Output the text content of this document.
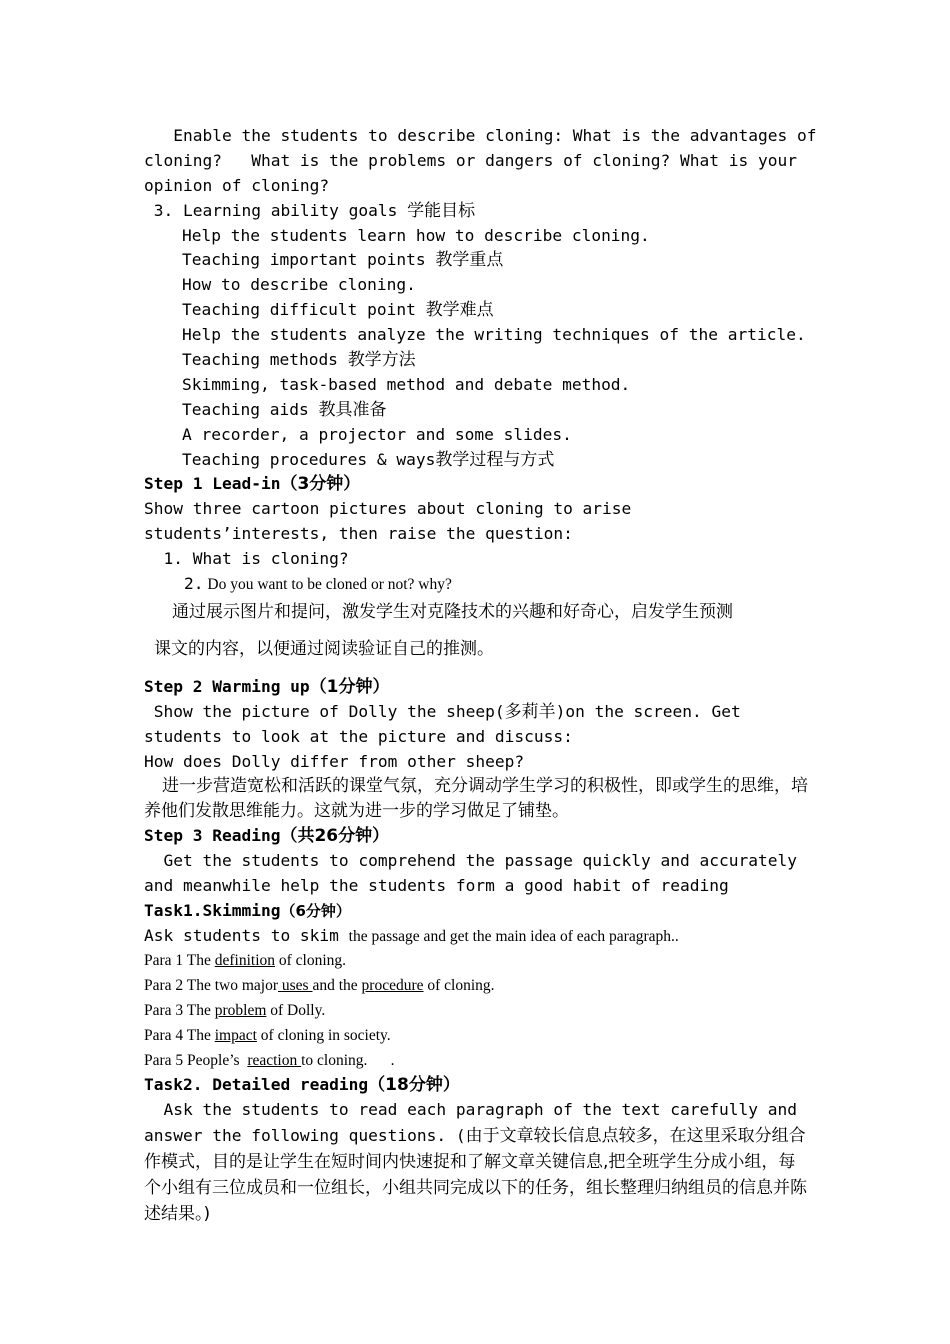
Enable the students to describe cloning: What is the advantages of
cloning?   What is the problems or dangers of cloning? What is your
opinion of cloning?
3. Learning ability goals 学能目标
Help the students learn how to describe cloning.
Teaching important points 教学重点
How to describe cloning.
Teaching difficult point 教学难点
Help the students analyze the writing techniques of the article.
Teaching methods 教学方法
Skimming, task-based method and debate method.
Teaching aids 教具准备
A recorder, a projector and some slides.
Teaching procedures & ways教学过程与方式
Step 1 Lead-in（3分钟）
Show three cartoon pictures about cloning to arise
students’interests, then raise the question:
1. What is cloning?
2. Do you want to be cloned or not? why?
通过展示图片和提问，激发学生对克隆技术的兴趣和好奇心，启发学生预测
课文的内容，以便通过阅读验证自己的推测。
Step 2 Warming up（1分钟）
Show the picture of Dolly the sheep(多莉羊)on the screen. Get
students to look at the picture and discuss:
How does Dolly differ from other sheep?
进一步营造宽松和活跃的课堂气氛，充分调动学生学习的积极性，即或学生的思维，培养他们发散思维能力。这就为进一步的学习做足了铺垫。
Step 3 Reading（共26分钟）
Get the students to comprehend the passage quickly and accurately
and meanwhile help the students form a good habit of reading
Task1.Skimming（6分钟）
Ask students to skim the passage and get the main idea of each paragraph..
Para 1 The definition of cloning.
Para 2 The two major uses and the procedure of cloning.
Para 3 The problem of Dolly.
Para 4 The impact of cloning in society.
Para 5 People’s  reaction to cloning.      .
Task2. Detailed reading（18分钟）
Ask the students to read each paragraph of the text carefully and
answer the following questions. (由于文章较长信息点较多，在这里采取分组合作模式，目的是让学生在短时间内快速捉和了解文章关键信息,把全班学生分成小组，每个小组有三位成员和一位组长，小组共同完成以下的任务，组长整理归纳组员的信息并陈述结果。)
